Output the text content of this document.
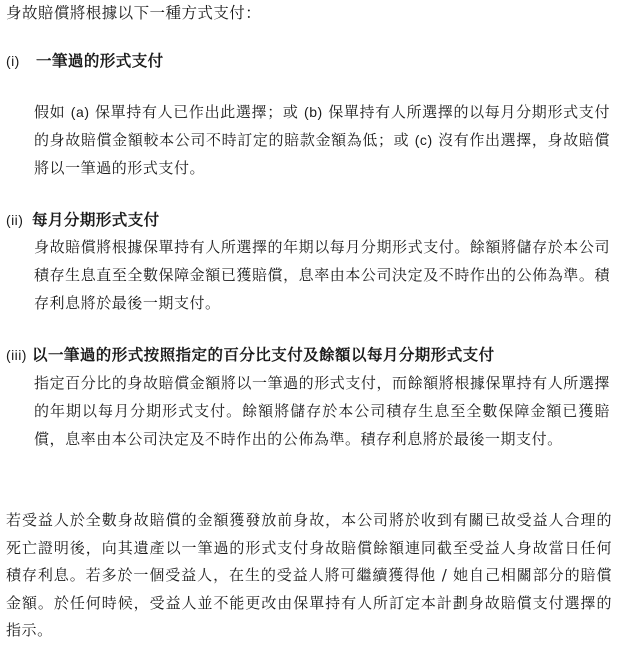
身故賠償將根據以下一種方式支付：
(i) 一筆過的形式支付
假如 (a) 保單持有人已作出此選擇；或 (b) 保單持有人所選擇的以每月分期形式支付的身故賠償金額較本公司不時訂定的賠款金額為低；或 (c) 沒有作出選擇，身故賠償將以一筆過的形式支付。
(ii) 每月分期形式支付
身故賠償將根據保單持有人所選擇的年期以每月分期形式支付。餘額將儲存於本公司積存生息直至全數保障金額已獲賠償，息率由本公司決定及不時作出的公佈為準。積存利息將於最後一期支付。
(iii) 以一筆過的形式按照指定的百分比支付及餘額以每月分期形式支付
指定百分比的身故賠償金額將以一筆過的形式支付，而餘額將根據保單持有人所選擇的年期以每月分期形式支付。餘額將儲存於本公司積存生息至全數保障金額已獲賠償，息率由本公司決定及不時作出的公佈為準。積存利息將於最後一期支付。
若受益人於全數身故賠償的金額獲發放前身故，本公司將於收到有關已故受益人合理的死亡證明後，向其遺產以一筆過的形式支付身故賠償餘額連同截至受益人身故當日任何積存利息。若多於一個受益人，在生的受益人將可繼續獲得他 / 她自己相關部分的賠償金額。於任何時候，受益人並不能更改由保單持有人所訂定本計劃身故賠償支付選擇的指示。
